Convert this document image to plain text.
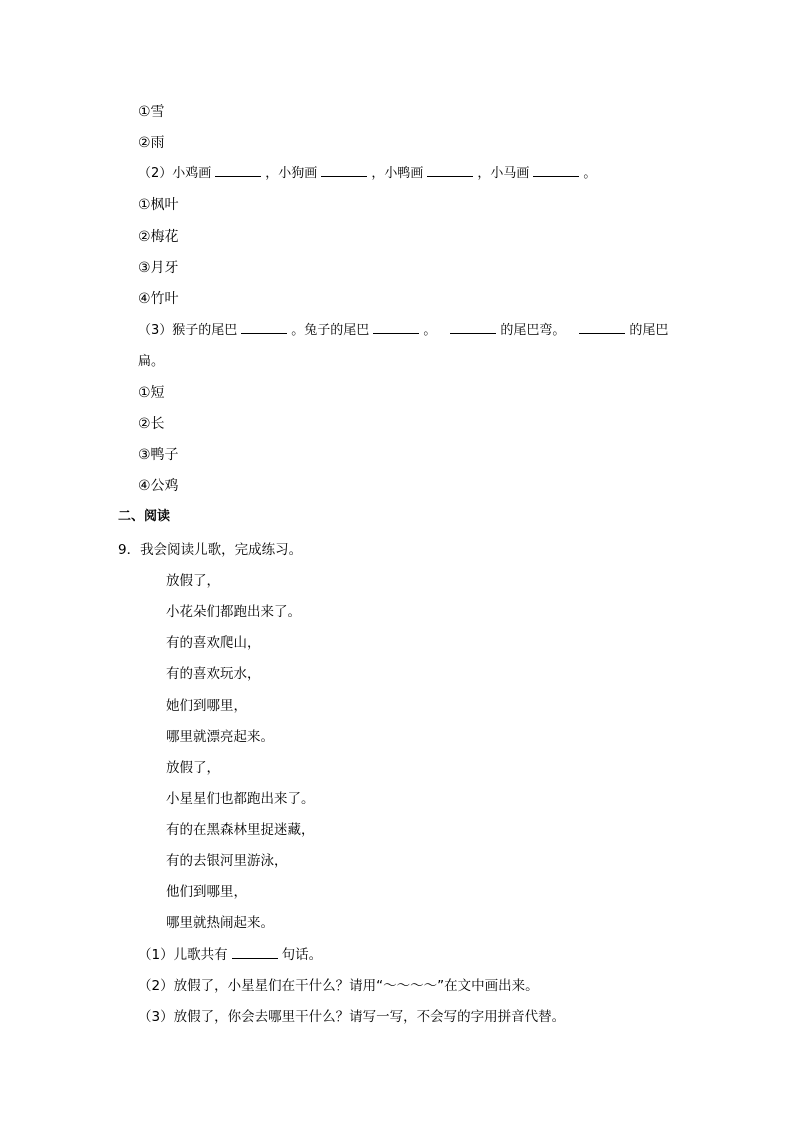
①雪
②雨
（2）小鸡画	，小狗画	，小鸭画	，小马画	。
①枫叶
②梅花
③月牙
④竹叶
（3）猴子的尾巴	。兔子的尾巴	。	的尾巴弯。	的尾巴
扁。
①短
②长
③鸭子
④公鸡
二、阅读
9．我会阅读儿歌，完成练习。
放假了，
小花朵们都跑出来了。
有的喜欢爬山，
有的喜欢玩水，
她们到哪里，
哪里就漂亮起来。
放假了，
小星星们也都跑出来了。
有的在黑森林里捉迷藏，
有的去银河里游泳，
他们到哪里，
哪里就热闹起来。
（1）儿歌共有	句话。
（2）放假了，小星星们在干什么？请用“～～～～”在文中画出来。
（3）放假了，你会去哪里干什么？请写一写，不会写的字用拼音代替。
